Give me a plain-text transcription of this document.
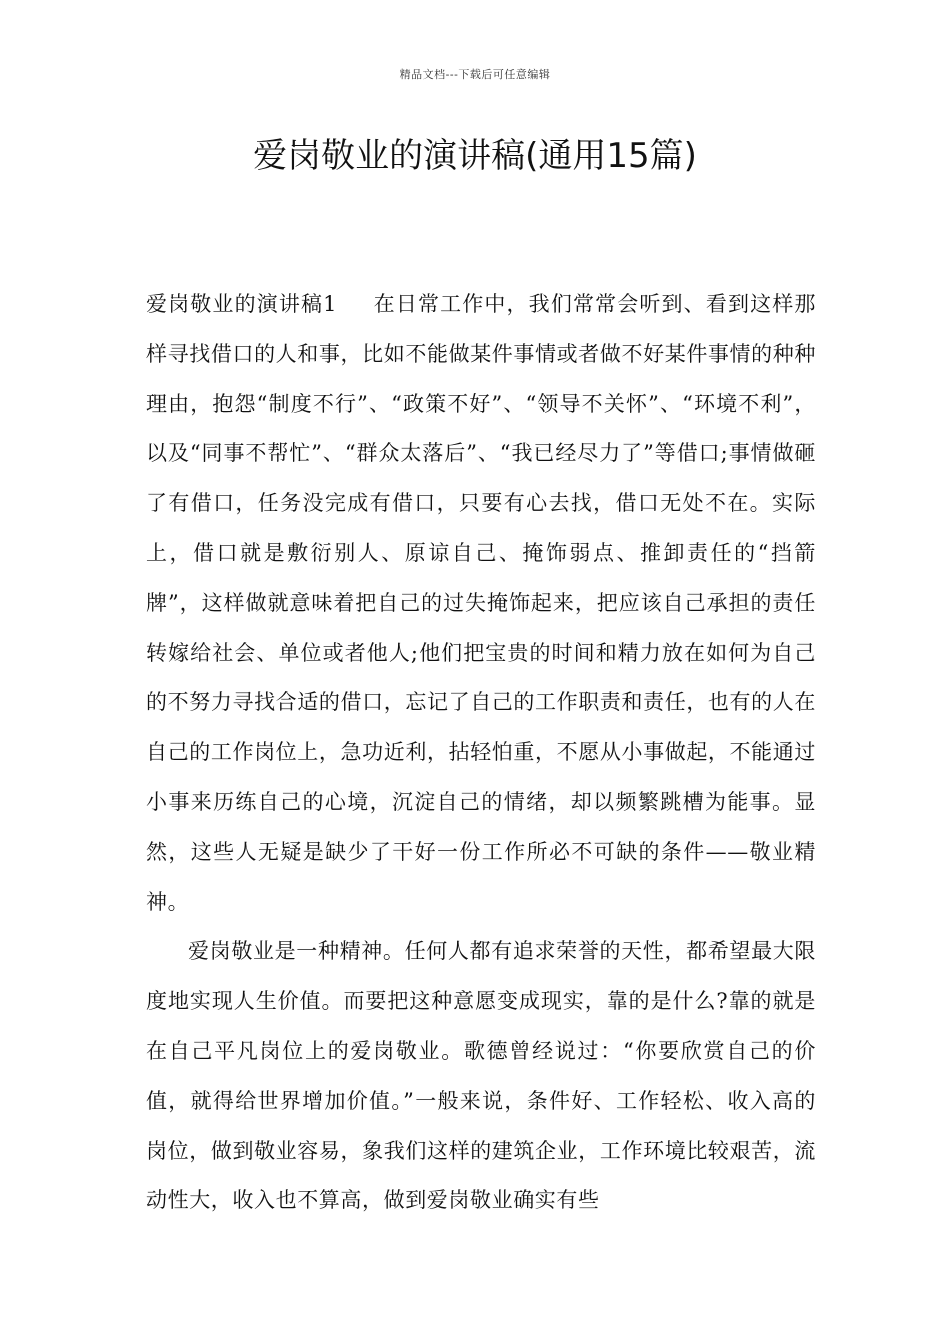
精品文档---下载后可任意编辑
爱岗敬业的演讲稿(通用15篇)

爱岗敬业的演讲稿1 在日常工作中，我们常常会听到、看到这样那样寻找借口的人和事，比如不能做某件事情或者做不好某件事情的种种理由，抱怨“制度不行”、“政策不好”、“领导不关怀”、“环境不利”，以及“同事不帮忙”、“群众太落后”、“我已经尽力了”等借口;事情做砸了有借口，任务没完成有借口，只要有心去找，借口无处不在。实际上，借口就是敷衍别人、原谅自己、掩饰弱点、推卸责任的“挡箭牌”，这样做就意味着把自己的过失掩饰起来，把应该自己承担的责任转嫁给社会、单位或者他人;他们把宝贵的时间和精力放在如何为自己的不努力寻找合适的借口，忘记了自己的工作职责和责任，也有的人在自己的工作岗位上，急功近利，拈轻怕重，不愿从小事做起，不能通过小事来历练自己的心境，沉淀自己的情绪，却以频繁跳槽为能事。显然，这些人无疑是缺少了干好一份工作所必不可缺的条件——敬业精神。

爱岗敬业是一种精神。任何人都有追求荣誉的天性，都希望最大限度地实现人生价值。而要把这种意愿变成现实，靠的是什么?靠的就是在自己平凡岗位上的爱岗敬业。歌德曾经说过：“你要欣赏自己的价值，就得给世界增加价值。”一般来说，条件好、工作轻松、收入高的岗位，做到敬业容易，象我们这样的建筑企业，工作环境比较艰苦，流动性大，收入也不算高，做到爱岗敬业确实有些
